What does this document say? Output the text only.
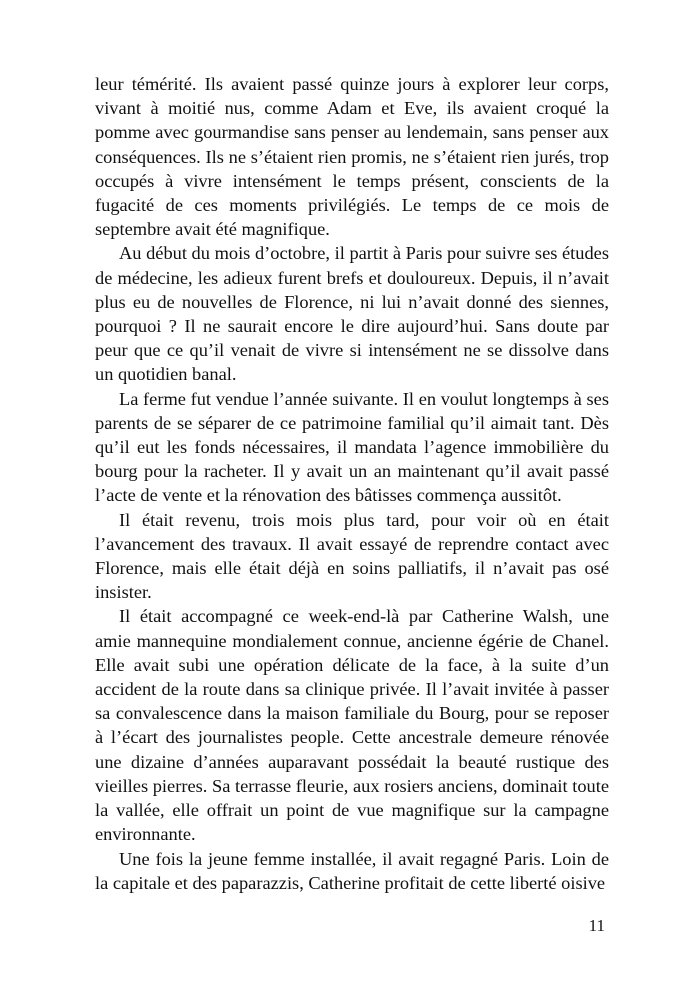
leur témérité. Ils avaient passé quinze jours à explorer leur corps, vivant à moitié nus, comme Adam et Eve, ils avaient croqué la pomme avec gourmandise sans penser au lendemain, sans penser aux conséquences. Ils ne s’étaient rien promis, ne s’étaient rien jurés, trop occupés à vivre intensément le temps présent, conscients de la fugacité de ces moments privilégiés. Le temps de ce mois de septembre avait été magnifique.

Au début du mois d’octobre, il partit à Paris pour suivre ses études de médecine, les adieux furent brefs et douloureux. Depuis, il n’avait plus eu de nouvelles de Florence, ni lui n’avait donné des siennes, pourquoi ? Il ne saurait encore le dire aujourd’hui. Sans doute par peur que ce qu’il venait de vivre si intensément ne se dissolve dans un quotidien banal.

La ferme fut vendue l’année suivante. Il en voulut longtemps à ses parents de se séparer de ce patrimoine familial qu’il aimait tant. Dès qu’il eut les fonds nécessaires, il mandata l’agence immobilière du bourg pour la racheter. Il y avait un an maintenant qu’il avait passé l’acte de vente et la rénovation des bâtisses commença aussitôt.

Il était revenu, trois mois plus tard, pour voir où en était l’avancement des travaux. Il avait essayé de reprendre contact avec Florence, mais elle était déjà en soins palliatifs, il n’avait pas osé insister.

Il était accompagné ce week-end-là par Catherine Walsh, une amie mannequine mondialement connue, ancienne égérie de Chanel. Elle avait subi une opération délicate de la face, à la suite d’un accident de la route dans sa clinique privée. Il l’avait invitée à passer sa convalescence dans la maison familiale du Bourg, pour se reposer à l’écart des journalistes people. Cette ancestrale demeure rénovée une dizaine d’années auparavant possédait la beauté rustique des vieilles pierres. Sa terrasse fleurie, aux rosiers anciens, dominait toute la vallée, elle offrait un point de vue magnifique sur la campagne environnante.

Une fois la jeune femme installée, il avait regagné Paris. Loin de la capitale et des paparazzis, Catherine profitait de cette liberté oisive

11
